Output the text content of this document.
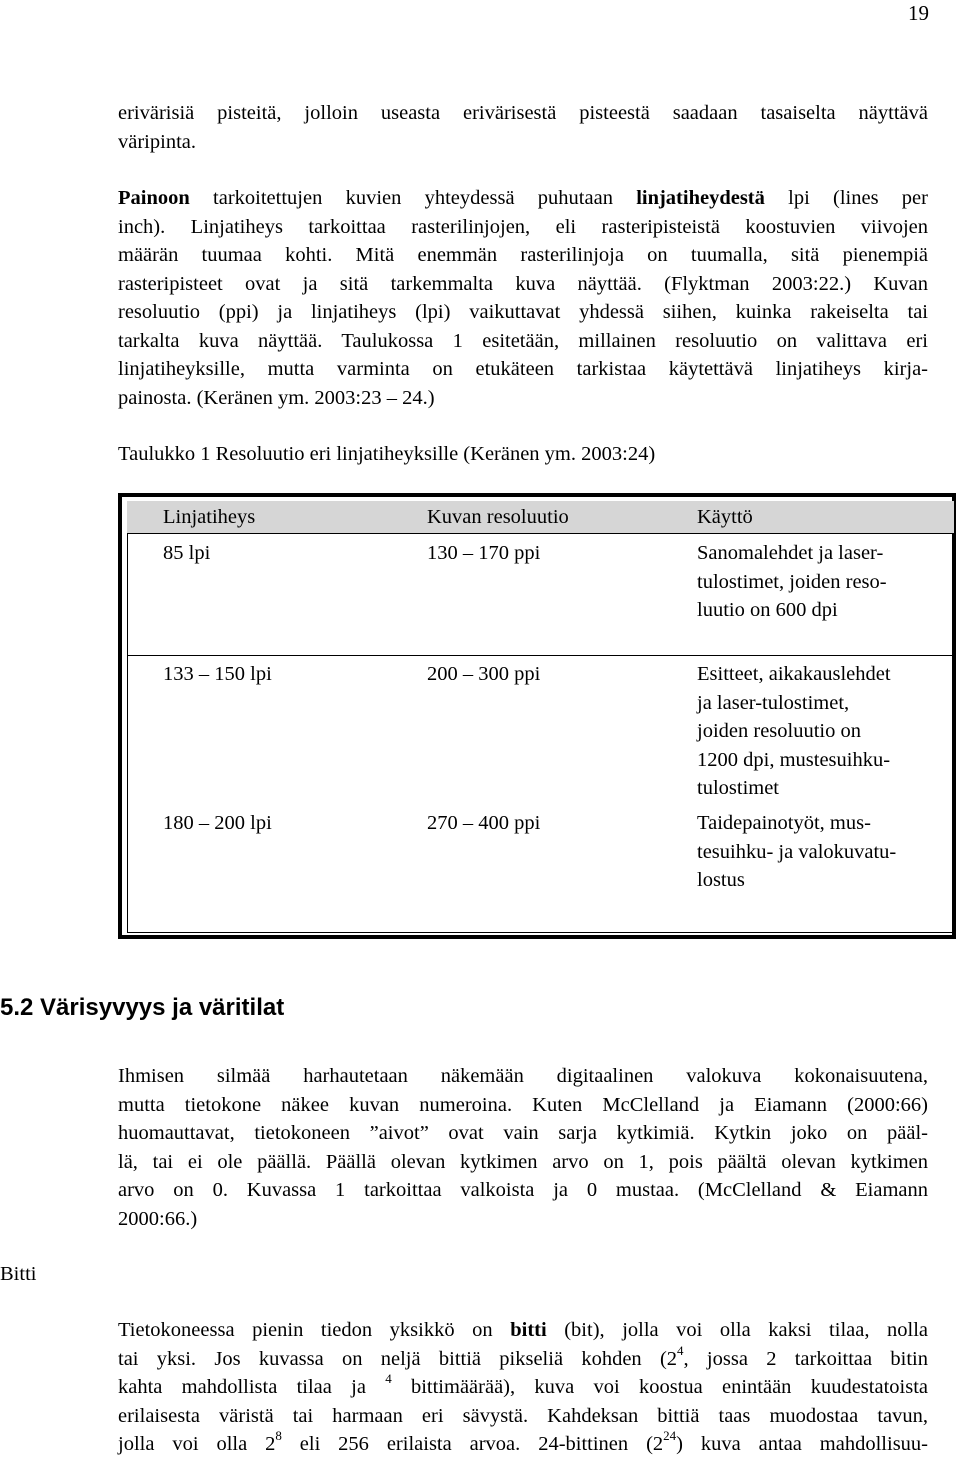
19
erivärisiä pisteitä, jolloin useasta erivärisestä pisteestä saadaan tasaiselta näyttävä
väripinta.
Painoon tarkoitettujen kuvien yhteydessä puhutaan linjatiheydestä lpi (lines per
inch). Linjatiheys tarkoittaa rasterilinjojen, eli rasteripisteistä koostuvien viivojen
määrän tuumaa kohti. Mitä enemmän rasterilinjoja on tuumalla, sitä pienempiä
rasteripisteet ovat ja sitä tarkemmalta kuva näyttää. (Flyktman 2003:22.) Kuvan
resoluutio (ppi) ja linjatiheys (lpi) vaikuttavat yhdessä siihen, kuinka rakeiselta tai
tarkalta kuva näyttää. Taulukossa 1 esitetään, millainen resoluutio on valittava eri
linjatiheyksille, mutta varminta on etukäteen tarkistaa käytettävä linjatiheys kirja-
painosta. (Keränen ym. 2003:23 – 24.)
Taulukko 1 Resoluutio eri linjatiheyksille (Keränen ym. 2003:24)
Linjatiheys	Kuvan resoluutio	Käyttö
85 lpi	130 – 170 ppi	Sanomalehdet ja laser-
tulostimet, joiden reso-
luutio on 600 dpi
133 – 150 lpi	200 – 300 ppi	Esitteet, aikakauslehdet
ja laser-tulostimet,
joiden resoluutio on
1200 dpi, mustesuihku-
tulostimet
180 – 200 lpi	270 – 400 ppi	Taidepainotyöt, mus-
tesuihku- ja valokuvatu-
lostus
5.2 Värisyvyys ja väritilat
Ihmisen silmää harhautetaan näkemään digitaalinen valokuva kokonaisuutena,
mutta tietokone näkee kuvan numeroina. Kuten McClelland ja Eiamann (2000:66)
huomauttavat, tietokoneen ”aivot” ovat vain sarja kytkimiä. Kytkin joko on pääl-
lä, tai ei ole päällä. Päällä olevan kytkimen arvo on 1, pois päältä olevan kytkimen
arvo on 0. Kuvassa 1 tarkoittaa valkoista ja 0 mustaa. (McClelland & Eiamann
2000:66.)
Bitti
Tietokoneessa pienin tiedon yksikkö on bitti (bit), jolla voi olla kaksi tilaa, nolla
tai yksi. Jos kuvassa on neljä bittiä pikseliä kohden ($2^4$, jossa 2 tarkoittaa bitin
kahta mahdollista tilaa ja $^4$ bittimäärää), kuva voi koostua enintään kuudestatoista
erilaisesta väristä tai harmaan eri sävystä. Kahdeksan bittiä taas muodostaa tavun,
jolla voi olla $2^8$ eli 256 erilaista arvoa. 24-bittinen $(2^{24})$ kuva antaa mahdollisuu-
